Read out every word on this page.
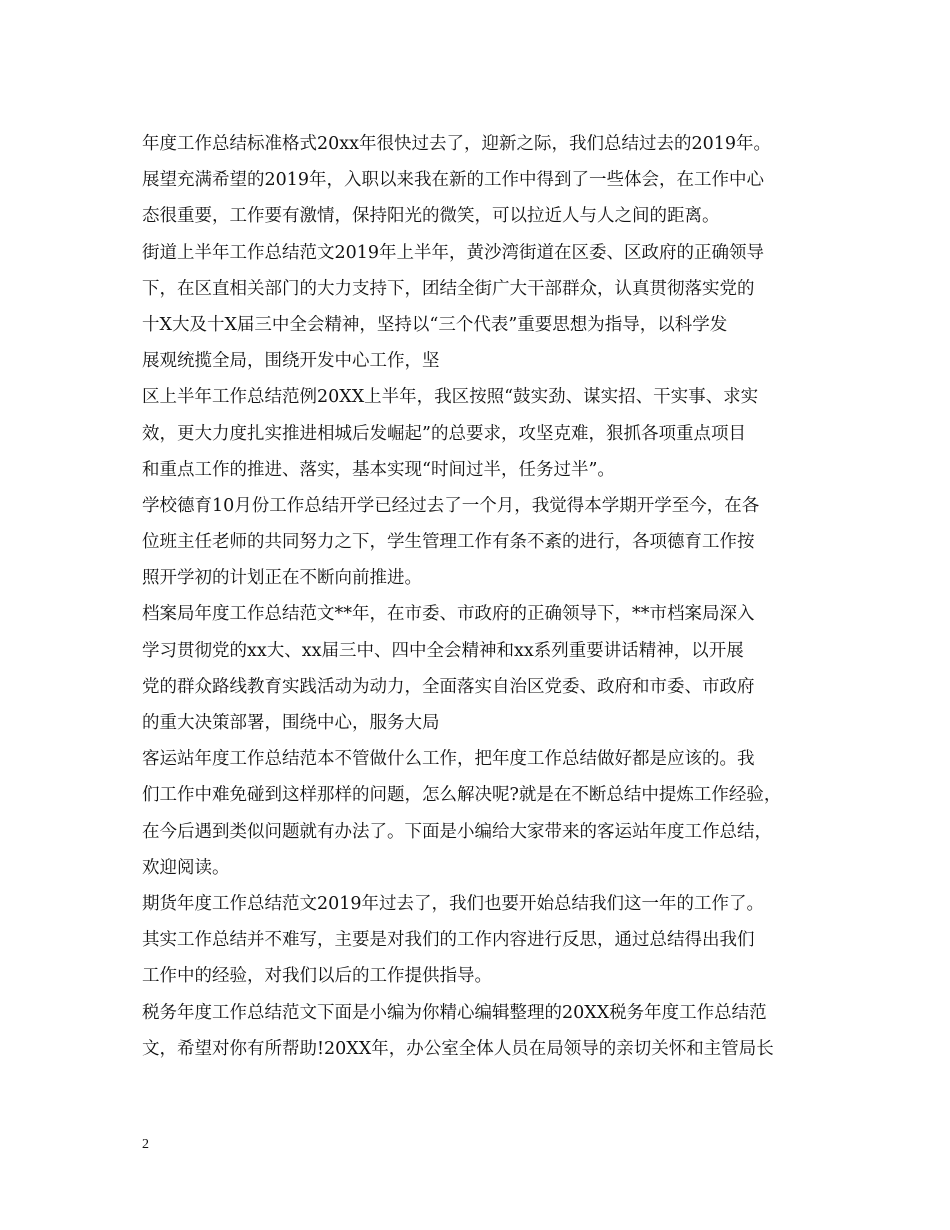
年度工作总结标准格式20xx年很快过去了，迎新之际，我们总结过去的2019年。
展望充满希望的2019年，入职以来我在新的工作中得到了一些体会，在工作中心
态很重要，工作要有激情，保持阳光的微笑，可以拉近人与人之间的距离。
街道上半年工作总结范文2019年上半年，黄沙湾街道在区委、区政府的正确领导
下，在区直相关部门的大力支持下，团结全街广大干部群众，认真贯彻落实党的
十X大及十X届三中全会精神，坚持以“三个代表”重要思想为指导，以科学发
展观统揽全局，围绕开发中心工作，坚
区上半年工作总结范例20XX上半年，我区按照“鼓实劲、谋实招、干实事、求实
效，更大力度扎实推进相城后发崛起”的总要求，攻坚克难，狠抓各项重点项目
和重点工作的推进、落实，基本实现“时间过半，任务过半”。
学校德育10月份工作总结开学已经过去了一个月，我觉得本学期开学至今，在各
位班主任老师的共同努力之下，学生管理工作有条不紊的进行，各项德育工作按
照开学初的计划正在不断向前推进。
档案局年度工作总结范文**年，在市委、市政府的正确领导下，**市档案局深入
学习贯彻党的xx大、xx届三中、四中全会精神和xx系列重要讲话精神，以开展
党的群众路线教育实践活动为动力，全面落实自治区党委、政府和市委、市政府
的重大决策部署，围绕中心，服务大局
客运站年度工作总结范本不管做什么工作，把年度工作总结做好都是应该的。我
们工作中难免碰到这样那样的问题，怎么解决呢?就是在不断总结中提炼工作经验，
在今后遇到类似问题就有办法了。下面是小编给大家带来的客运站年度工作总结，
欢迎阅读。
期货年度工作总结范文2019年过去了，我们也要开始总结我们这一年的工作了。
其实工作总结并不难写，主要是对我们的工作内容进行反思，通过总结得出我们
工作中的经验，对我们以后的工作提供指导。
税务年度工作总结范文下面是小编为你精心编辑整理的20XX税务年度工作总结范
文，希望对你有所帮助!20XX年，办公室全体人员在局领导的亲切关怀和主管局长
2
